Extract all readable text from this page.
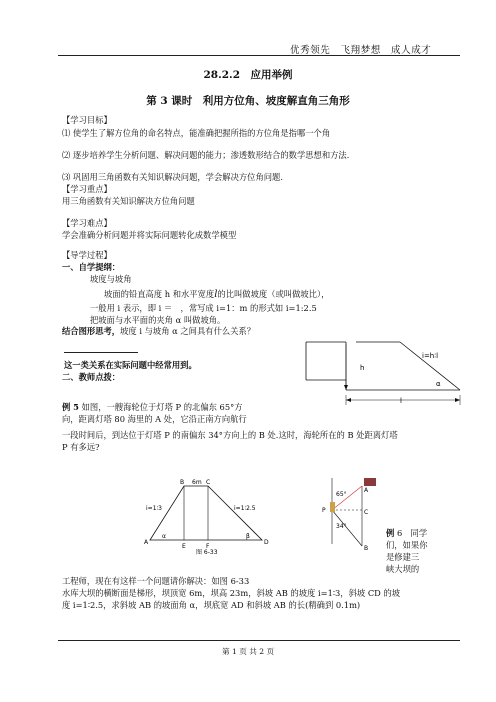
优秀领先　飞翔梦想　成人成才
28.2.2　应用举例
第 3 课时　利用方位角、坡度解直角三角形
【学习目标】
⑴ 使学生了解方位角的命名特点，能准确把握所指的方位角是指哪一个角
⑵ 逐步培养学生分析问题、解决问题的能力；渗透数形结合的数学思想和方法.
⑶ 巩固用三角函数有关知识解决问题，学会解决方位角问题.
【学习重点】
用三角函数有关知识解决方位角问题
【学习难点】
学会准确分析问题并将实际问题转化成数学模型
【导学过程】
一、自学提纲：
坡度与坡角
坡面的铅直高度 h 和水平宽度l的比叫做坡度（或叫做坡比），
一般用 i 表示，即 i ＝　，常写成 i=1：m 的形式如 i=1:2.5
把坡面与水平面的夹角 α 叫做坡角。
结合图形思考，坡度 i 与坡角 α 之间具有什么关系？
这一类关系在实际问题中经常用到。
二、教师点拨：
i=h∶l
h
α
l
例 5 如图，一艘海轮位于灯塔 P 的北偏东 65°方
向，距离灯塔 80 海里的 A 处，它沿正南方向航行
一段时间后，到达位于灯塔 P 的南偏东 34°方向上的 B 处.这时，海轮所在的 B 处距离灯塔
P 有多远?
B 6m C
A	D
E	F
i=1∶3	i=1∶2.5
α	β
图 6-33
P
A
B
C
65°
34°
例 6　同学
们，如果你
是修建三
峡大坝的
工程师，现在有这样一个问题请你解决：如图 6-33
水库大坝的横断面是梯形，坝顶宽 6m，坝高 23m，斜坡 AB 的坡度 i=1∶3，斜坡 CD 的坡
度 i=1∶2.5，求斜坡 AB 的坡面角 α，坝底宽 AD 和斜坡 AB 的长(精确到 0.1m)
第 1 页 共 2 页
